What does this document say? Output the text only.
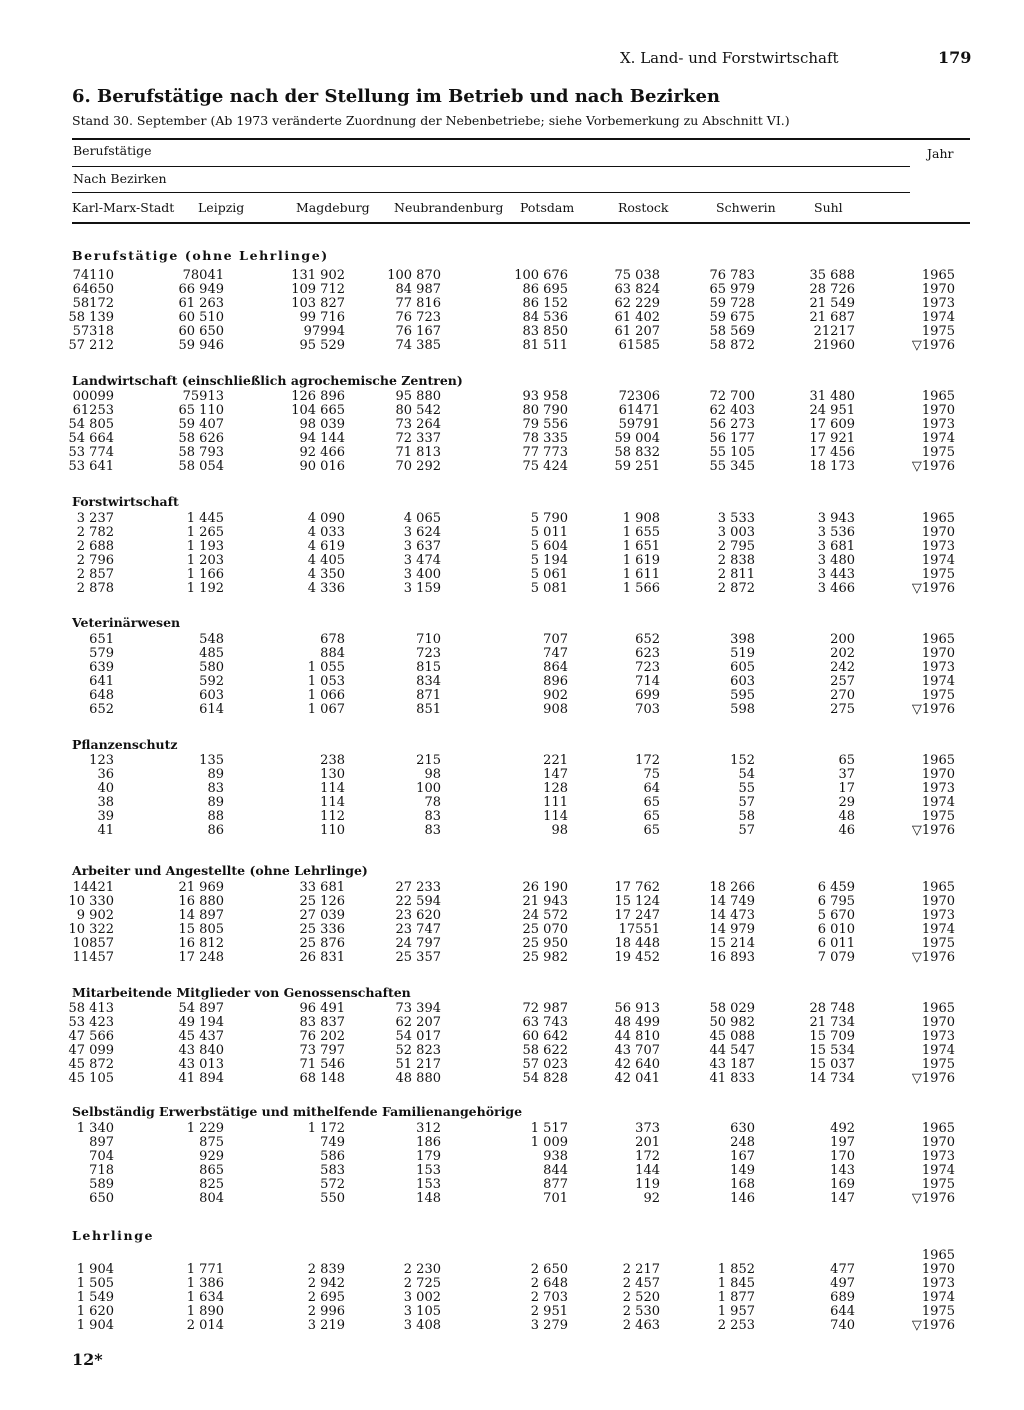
X. Land- und Forstwirtschaft	179
6. Berufstätige nach der Stellung im Betrieb und nach Bezirken
Stand 30. September (Ab 1973 veränderte Zuordnung der Nebenbetriebe; siehe Vorbemerkung zu Abschnitt VI.)
Berufstätige	Jahr
Nach Bezirken
Karl-Marx-Stadt Leipzig	Magdeburg Neubrandenburg Potsdam	Rostock	Schwerin	Suhl
Berufstätige (ohne Lehrlinge)
74110	78041	131 902	100 870	100 676	75 038	76 783	35 688	1965
64650	66 949	109 712	84 987	86 695	63 824	65 979	28 726	1970
58172	61 263	103 827	77 816	86 152	62 229	59 728	21 549	1973
58 139	60 510	99 716	76 723	84 536	61 402	59 675	21 687	1974
57318	60 650	97994	76 167	83 850	61 207	58 569	21217	1975
57 212	59 946	95 529	74 385	81 511	61585	58 872	21960	▽1976
Landwirtschaft (einschließlich agrochemische Zentren)
00099	75913	126 896	95 880	93 958	72306	72 700	31 480	1965
61253	65 110	104 665	80 542	80 790	61471	62 403	24 951	1970
54 805	59 407	98 039	73 264	79 556	59791	56 273	17 609	1973
54 664	58 626	94 144	72 337	78 335	59 004	56 177	17 921	1974
53 774	58 793	92 466	71 813	77 773	58 832	55 105	17 456	1975
53 641	58 054	90 016	70 292	75 424	59 251	55 345	18 173	▽1976
Forstwirtschaft
3 237	1 445	4 090	4 065	5 790	1 908	3 533	3 943	1965
2 782	1 265	4 033	3 624	5 011	1 655	3 003	3 536	1970
2 688	1 193	4 619	3 637	5 604	1 651	2 795	3 681	1973
2 796	1 203	4 405	3 474	5 194	1 619	2 838	3 480	1974
2 857	1 166	4 350	3 400	5 061	1 611	2 811	3 443	1975
2 878	1 192	4 336	3 159	5 081	1 566	2 872	3 466	▽1976
Veterinärwesen
651	548	678	710	707	652	398	200	1965
579	485	884	723	747	623	519	202	1970
639	580	1 055	815	864	723	605	242	1973
641	592	1 053	834	896	714	603	257	1974
648	603	1 066	871	902	699	595	270	1975
652	614	1 067	851	908	703	598	275	▽1976
Pflanzenschutz
123	135	238	215	221	172	152	65	1965
36	89	130	98	147	75	54	37	1970
40	83	114	100	128	64	55	17	1973
38	89	114	78	111	65	57	29	1974
39	88	112	83	114	65	58	48	1975
41	86	110	83	98	65	57	46	▽1976
Arbeiter und Angestellte (ohne Lehrlinge)
14421	21 969	33 681	27 233	26 190	17 762	18 266	6 459	1965
10 330	16 880	25 126	22 594	21 943	15 124	14 749	6 795	1970
9 902	14 897	27 039	23 620	24 572	17 247	14 473	5 670	1973
10 322	15 805	25 336	23 747	25 070	17551	14 979	6 010	1974
10857	16 812	25 876	24 797	25 950	18 448	15 214	6 011	1975
11457	17 248	26 831	25 357	25 982	19 452	16 893	7 079	▽1976
Mitarbeitende Mitglieder von Genossenschaften
58 413	54 897	96 491	73 394	72 987	56 913	58 029	28 748	1965
53 423	49 194	83 837	62 207	63 743	48 499	50 982	21 734	1970
47 566	45 437	76 202	54 017	60 642	44 810	45 088	15 709	1973
47 099	43 840	73 797	52 823	58 622	43 707	44 547	15 534	1974
45 872	43 013	71 546	51 217	57 023	42 640	43 187	15 037	1975
45 105	41 894	68 148	48 880	54 828	42 041	41 833	14 734	▽1976
Selbständig Erwerbstätige und mithelfende Familienangehörige
1 340	1 229	1 172	312	1 517	373	630	492	1965
897	875	749	186	1 009	201	248	197	1970
704	929	586	179	938	172	167	170	1973
718	865	583	153	844	144	149	143	1974
589	825	572	153	877	119	168	169	1975
650	804	550	148	701	92	146	147	▽1976
Lehrlinge
1965
1 904	1 771	2 839	2 230	2 650	2 217	1 852	477	1970
1 505	1 386	2 942	2 725	2 648	2 457	1 845	497	1973
1 549	1 634	2 695	3 002	2 703	2 520	1 877	689	1974
1 620	1 890	2 996	3 105	2 951	2 530	1 957	644	1975
1 904	2 014	3 219	3 408	3 279	2 463	2 253	740	▽1976
12*
